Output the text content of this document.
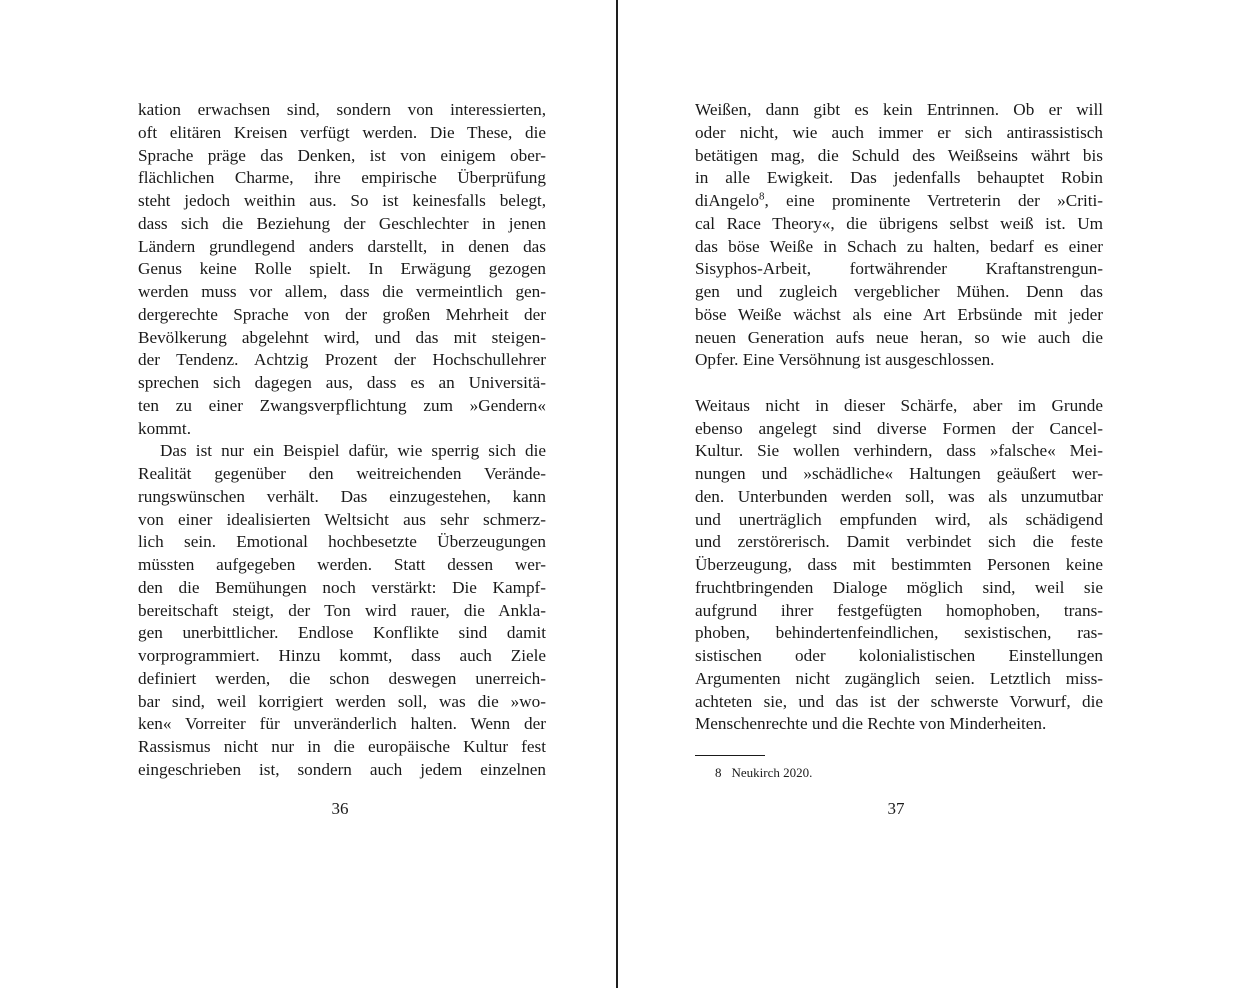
kation erwachsen sind, sondern von interessierten,
oft elitären Kreisen verfügt werden. Die These, die
Sprache präge das Denken, ist von einigem ober-
flächlichen Charme, ihre empirische Überprüfung
steht jedoch weithin aus. So ist keinesfalls belegt,
dass sich die Beziehung der Geschlechter in jenen
Ländern grundlegend anders darstellt, in denen das
Genus keine Rolle spielt. In Erwägung gezogen
werden muss vor allem, dass die vermeintlich gen-
dergerechte Sprache von der großen Mehrheit der
Bevölkerung abgelehnt wird, und das mit steigen-
der Tendenz. Achtzig Prozent der Hochschullehrer
sprechen sich dagegen aus, dass es an Universitä-
ten zu einer Zwangsverpflichtung zum »Gendern«
kommt.
Das ist nur ein Beispiel dafür, wie sperrig sich die
Realität gegenüber den weitreichenden Verände-
rungswünschen verhält. Das einzugestehen, kann
von einer idealisierten Weltsicht aus sehr schmerz-
lich sein. Emotional hochbesetzte Überzeugungen
müssten aufgegeben werden. Statt dessen wer-
den die Bemühungen noch verstärkt: Die Kampf-
bereitschaft steigt, der Ton wird rauer, die Ankla-
gen unerbittlicher. Endlose Konflikte sind damit
vorprogrammiert. Hinzu kommt, dass auch Ziele
definiert werden, die schon deswegen unerreich-
bar sind, weil korrigiert werden soll, was die »wo-
ken« Vorreiter für unveränderlich halten. Wenn der
Rassismus nicht nur in die europäische Kultur fest
eingeschrieben ist, sondern auch jedem einzelnen
36
Weißen, dann gibt es kein Entrinnen. Ob er will
oder nicht, wie auch immer er sich antirassistisch
betätigen mag, die Schuld des Weißseins währt bis
in alle Ewigkeit. Das jedenfalls behauptet Robin
diAngelo$^8$, eine prominente Vertreterin der »Criti-
cal Race Theory«, die übrigens selbst weiß ist. Um
das böse Weiße in Schach zu halten, bedarf es einer
Sisyphos-Arbeit, fortwährender Kraftanstrengun-
gen und zugleich vergeblicher Mühen. Denn das
böse Weiße wächst als eine Art Erbsünde mit jeder
neuen Generation aufs neue heran, so wie auch die
Opfer. Eine Versöhnung ist ausgeschlossen.
Weitaus nicht in dieser Schärfe, aber im Grunde
ebenso angelegt sind diverse Formen der Cancel-
Kultur. Sie wollen verhindern, dass »falsche« Mei-
nungen und »schädliche« Haltungen geäußert wer-
den. Unterbunden werden soll, was als unzumutbar
und unerträglich empfunden wird, als schädigend
und zerstörerisch. Damit verbindet sich die feste
Überzeugung, dass mit bestimmten Personen keine
fruchtbringenden Dialoge möglich sind, weil sie
aufgrund ihrer festgefügten homophoben, trans-
phoben, behindertenfeindlichen, sexistischen, ras-
sistischen oder kolonialistischen Einstellungen
Argumenten nicht zugänglich seien. Letztlich miss-
achteten sie, und das ist der schwerste Vorwurf, die
Menschenrechte und die Rechte von Minderheiten.
8 Neukirch 2020.
37
